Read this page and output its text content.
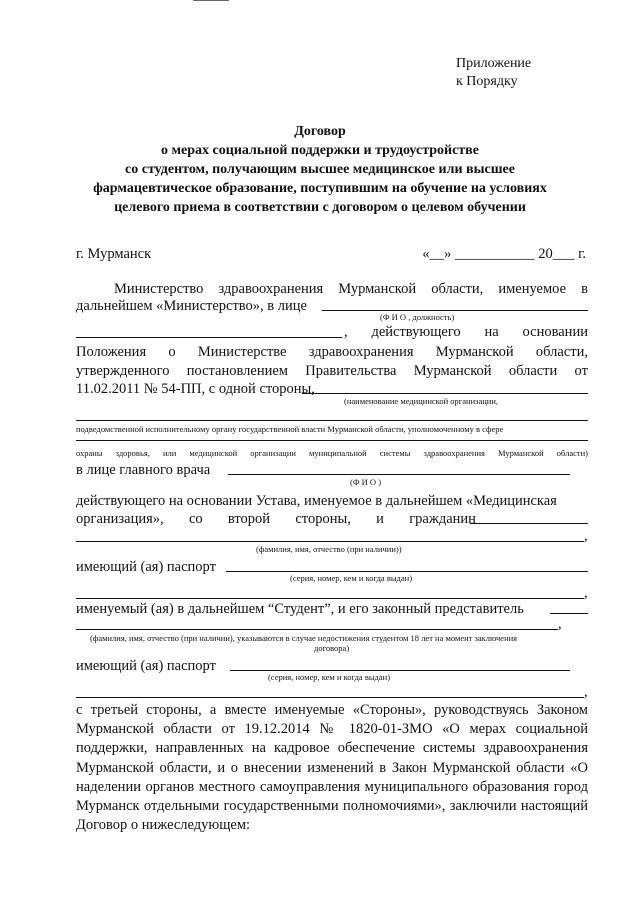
Приложение
к Порядку
Договор
о мерах социальной поддержки и трудоустройстве
со студентом, получающим высшее медицинское или высшее
фармацевтическое образование, поступившим на обучение на условиях
целевого приема в соответствии с договором о целевом обучении
г. Мурманск	«__» ___________ 20___ г.
Министерство здравоохранения Мурманской области, именуемое в
дальнейшем «Министерство», в лице
(Ф И О , должность)
, действующего на основании
Положения о Министерстве здравоохранения Мурманской области,
утвержденного постановлением Правительства Мурманской области от
11.02.2011 № 54-ПП, с одной стороны,
(наименование медицинской организации,
подведомственной исполнительному органу государственной власти Мурманской области, уполномоченному в сфере
охраны здоровья, или медицинской организации муниципальной системы здравоохранения Мурманской области)
в лице главного врача
(Ф И О )
действующего на основании Устава, именуемое в дальнейшем «Медицинская
организация», со второй стороны, и гражданин
,
(фамилия, имя, отчество (при наличии))
имеющий (ая) паспорт
(серия, номер, кем и когда выдан)
,
именуемый (ая) в дальнейшем “Студент”, и его законный представитель
,
(фамилия, имя, отчество (при наличии), указываются в случае недостижения студентом 18 лет на момент заключения
договора)
имеющий (ая) паспорт
(серия, номер, кем и когда выдан)
,
с третьей стороны, а вместе именуемые «Стороны», руководствуясь Законом Мурманской области от 19.12.2014 № 1820-01-ЗМО «О мерах социальной поддержки, направленных на кадровое обеспечение системы здравоохранения Мурманской области, и о внесении изменений в Закон Мурманской области «О наделении органов местного самоуправления муниципального образования город Мурманск отдельными государственными полномочиями», заключили настоящий Договор о нижеследующем:
